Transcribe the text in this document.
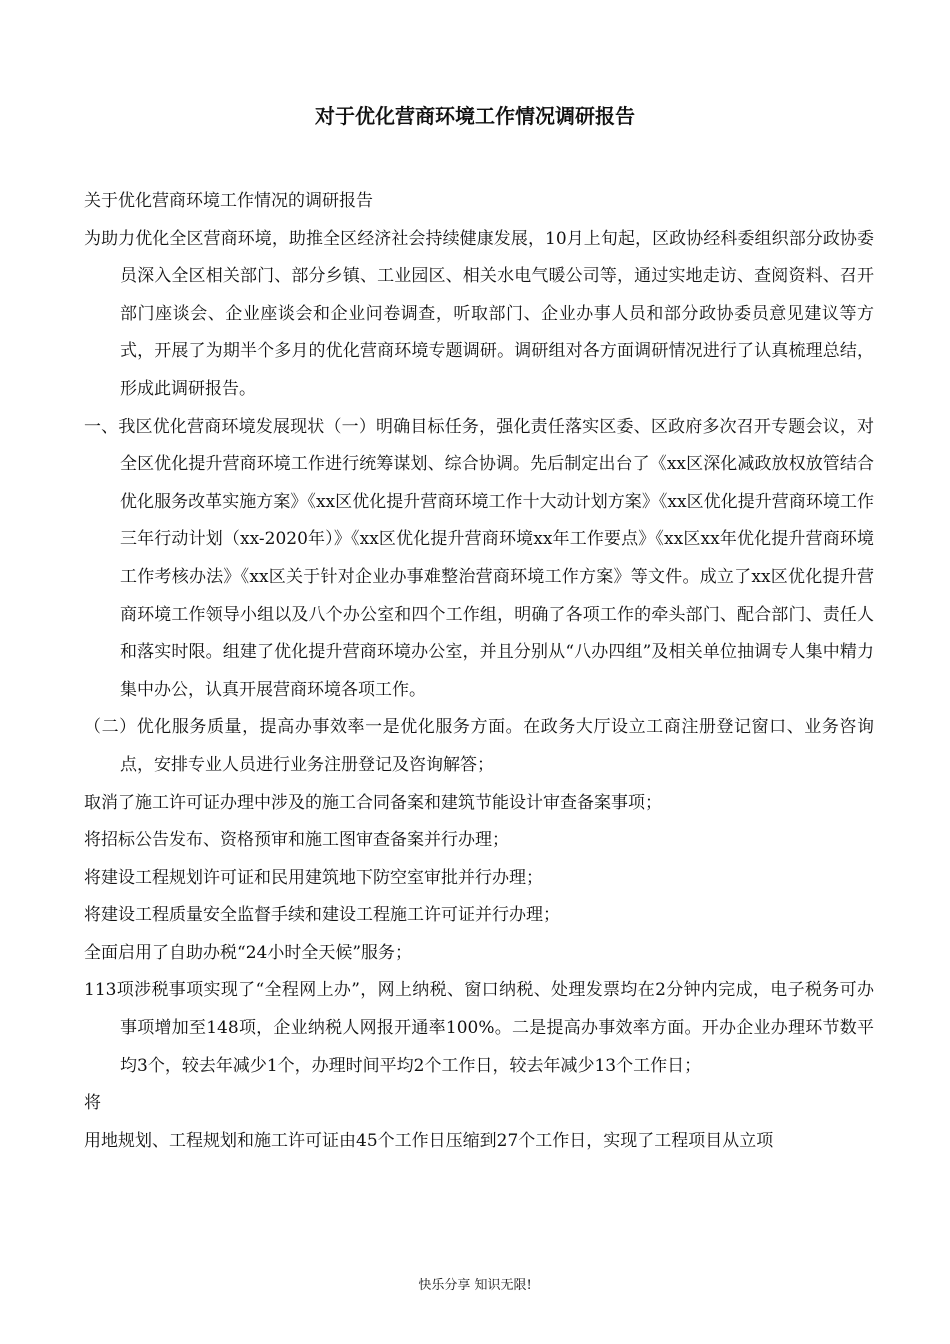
对于优化营商环境工作情况调研报告

关于优化营商环境工作情况的调研报告

为助力优化全区营商环境，助推全区经济社会持续健康发展，10月上旬起，区政协经科委组织部分政协委员深入全区相关部门、部分乡镇、工业园区、相关水电气暖公司等，通过实地走访、查阅资料、召开部门座谈会、企业座谈会和企业问卷调查，听取部门、企业办事人员和部分政协委员意见建议等方式，开展了为期半个多月的优化营商环境专题调研。调研组对各方面调研情况进行了认真梳理总结，形成此调研报告。

一、我区优化营商环境发展现状（一）明确目标任务，强化责任落实区委、区政府多次召开专题会议，对全区优化提升营商环境工作进行统筹谋划、综合协调。先后制定出台了《xx区深化减政放权放管结合优化服务改革实施方案》《xx区优化提升营商环境工作十大动计划方案》《xx区优化提升营商环境工作三年行动计划（xx-2020年）》《xx区优化提升营商环境xx年工作要点》《xx区xx年优化提升营商环境工作考核办法》《xx区关于针对企业办事难整治营商环境工作方案》等文件。成立了xx区优化提升营商环境工作领导小组以及八个办公室和四个工作组，明确了各项工作的牵头部门、配合部门、责任人和落实时限。组建了优化提升营商环境办公室，并且分别从“八办四组”及相关单位抽调专人集中精力集中办公，认真开展营商环境各项工作。

（二）优化服务质量，提高办事效率一是优化服务方面。在政务大厅设立工商注册登记窗口、业务咨询点，安排专业人员进行业务注册登记及咨询解答；

取消了施工许可证办理中涉及的施工合同备案和建筑节能设计审查备案事项；

将招标公告发布、资格预审和施工图审查备案并行办理；

将建设工程规划许可证和民用建筑地下防空室审批并行办理；

将建设工程质量安全监督手续和建设工程施工许可证并行办理；

全面启用了自助办税“24小时全天候”服务；

113项涉税事项实现了“全程网上办”，网上纳税、窗口纳税、处理发票均在2分钟内完成，电子税务可办事项增加至148项，企业纳税人网报开通率100%。二是提高办事效率方面。开办企业办理环节数平均3个，较去年减少1个，办理时间平均2个工作日，较去年减少13个工作日；

将

用地规划、工程规划和施工许可证由45个工作日压缩到27个工作日，实现了工程项目从立项

快乐分享 知识无限!
